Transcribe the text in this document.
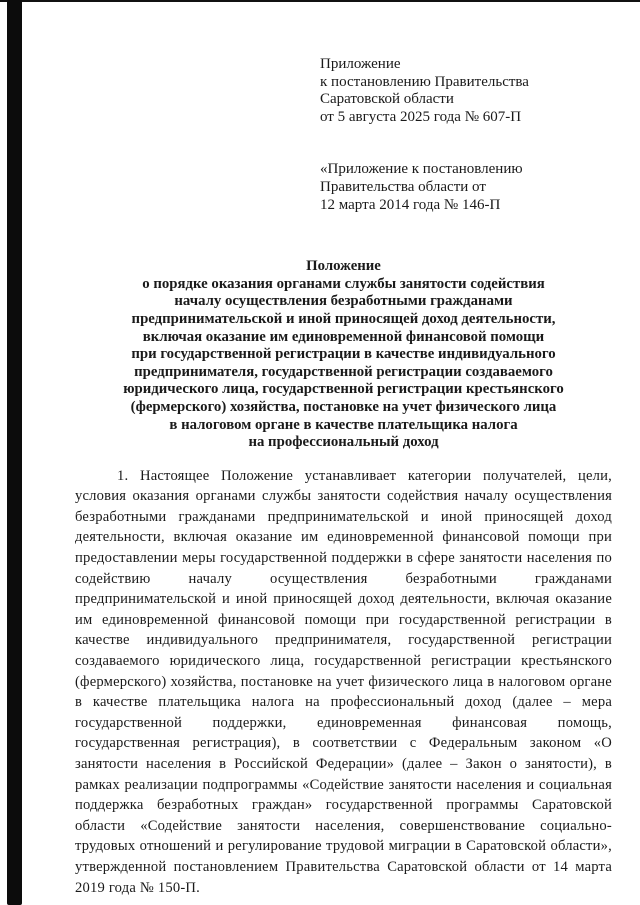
Приложение
к постановлению Правительства
Саратовской области
от 5 августа 2025 года № 607-П
«Приложение к постановлению
Правительства области от
12 марта 2014 года № 146-П
Положение
о порядке оказания органами службы занятости содействия
началу осуществления безработными гражданами
предпринимательской и иной приносящей доход деятельности,
включая оказание им единовременной финансовой помощи
при государственной регистрации в качестве индивидуального
предпринимателя, государственной регистрации создаваемого
юридического лица, государственной регистрации крестьянского
(фермерского) хозяйства, постановке на учет физического лица
в налоговом органе в качестве плательщика налога
на профессиональный доход

1. Настоящее Положение устанавливает категории получателей, цели, условия оказания органами службы занятости содействия началу осуществления безработными гражданами предпринимательской и иной приносящей доход деятельности, включая оказание им единовременной финансовой помощи при предоставлении меры государственной поддержки в сфере занятости населения по содействию началу осуществления безработными гражданами предпринимательской и иной приносящей доход деятельности, включая оказание им единовременной финансовой помощи при государственной регистрации в качестве индивидуального предпринимателя, государственной регистрации создаваемого юридического лица, государственной регистрации крестьянского (фермерского) хозяйства, постановке на учет физического лица в налоговом органе в качестве плательщика налога на профессиональный доход (далее – мера государственной поддержки, единовременная финансовая помощь, государственная регистрация), в соответствии с Федеральным законом «О занятости населения в Российской Федерации» (далее – Закон о занятости), в рамках реализации подпрограммы «Содействие занятости населения и социальная поддержка безработных граждан» государственной программы Саратовской области «Содействие занятости населения, совершенствование социально-трудовых отношений и регулирование трудовой миграции в Саратовской области», утвержденной постановлением Правительства Саратовской области от 14 марта 2019 года № 150-П.
